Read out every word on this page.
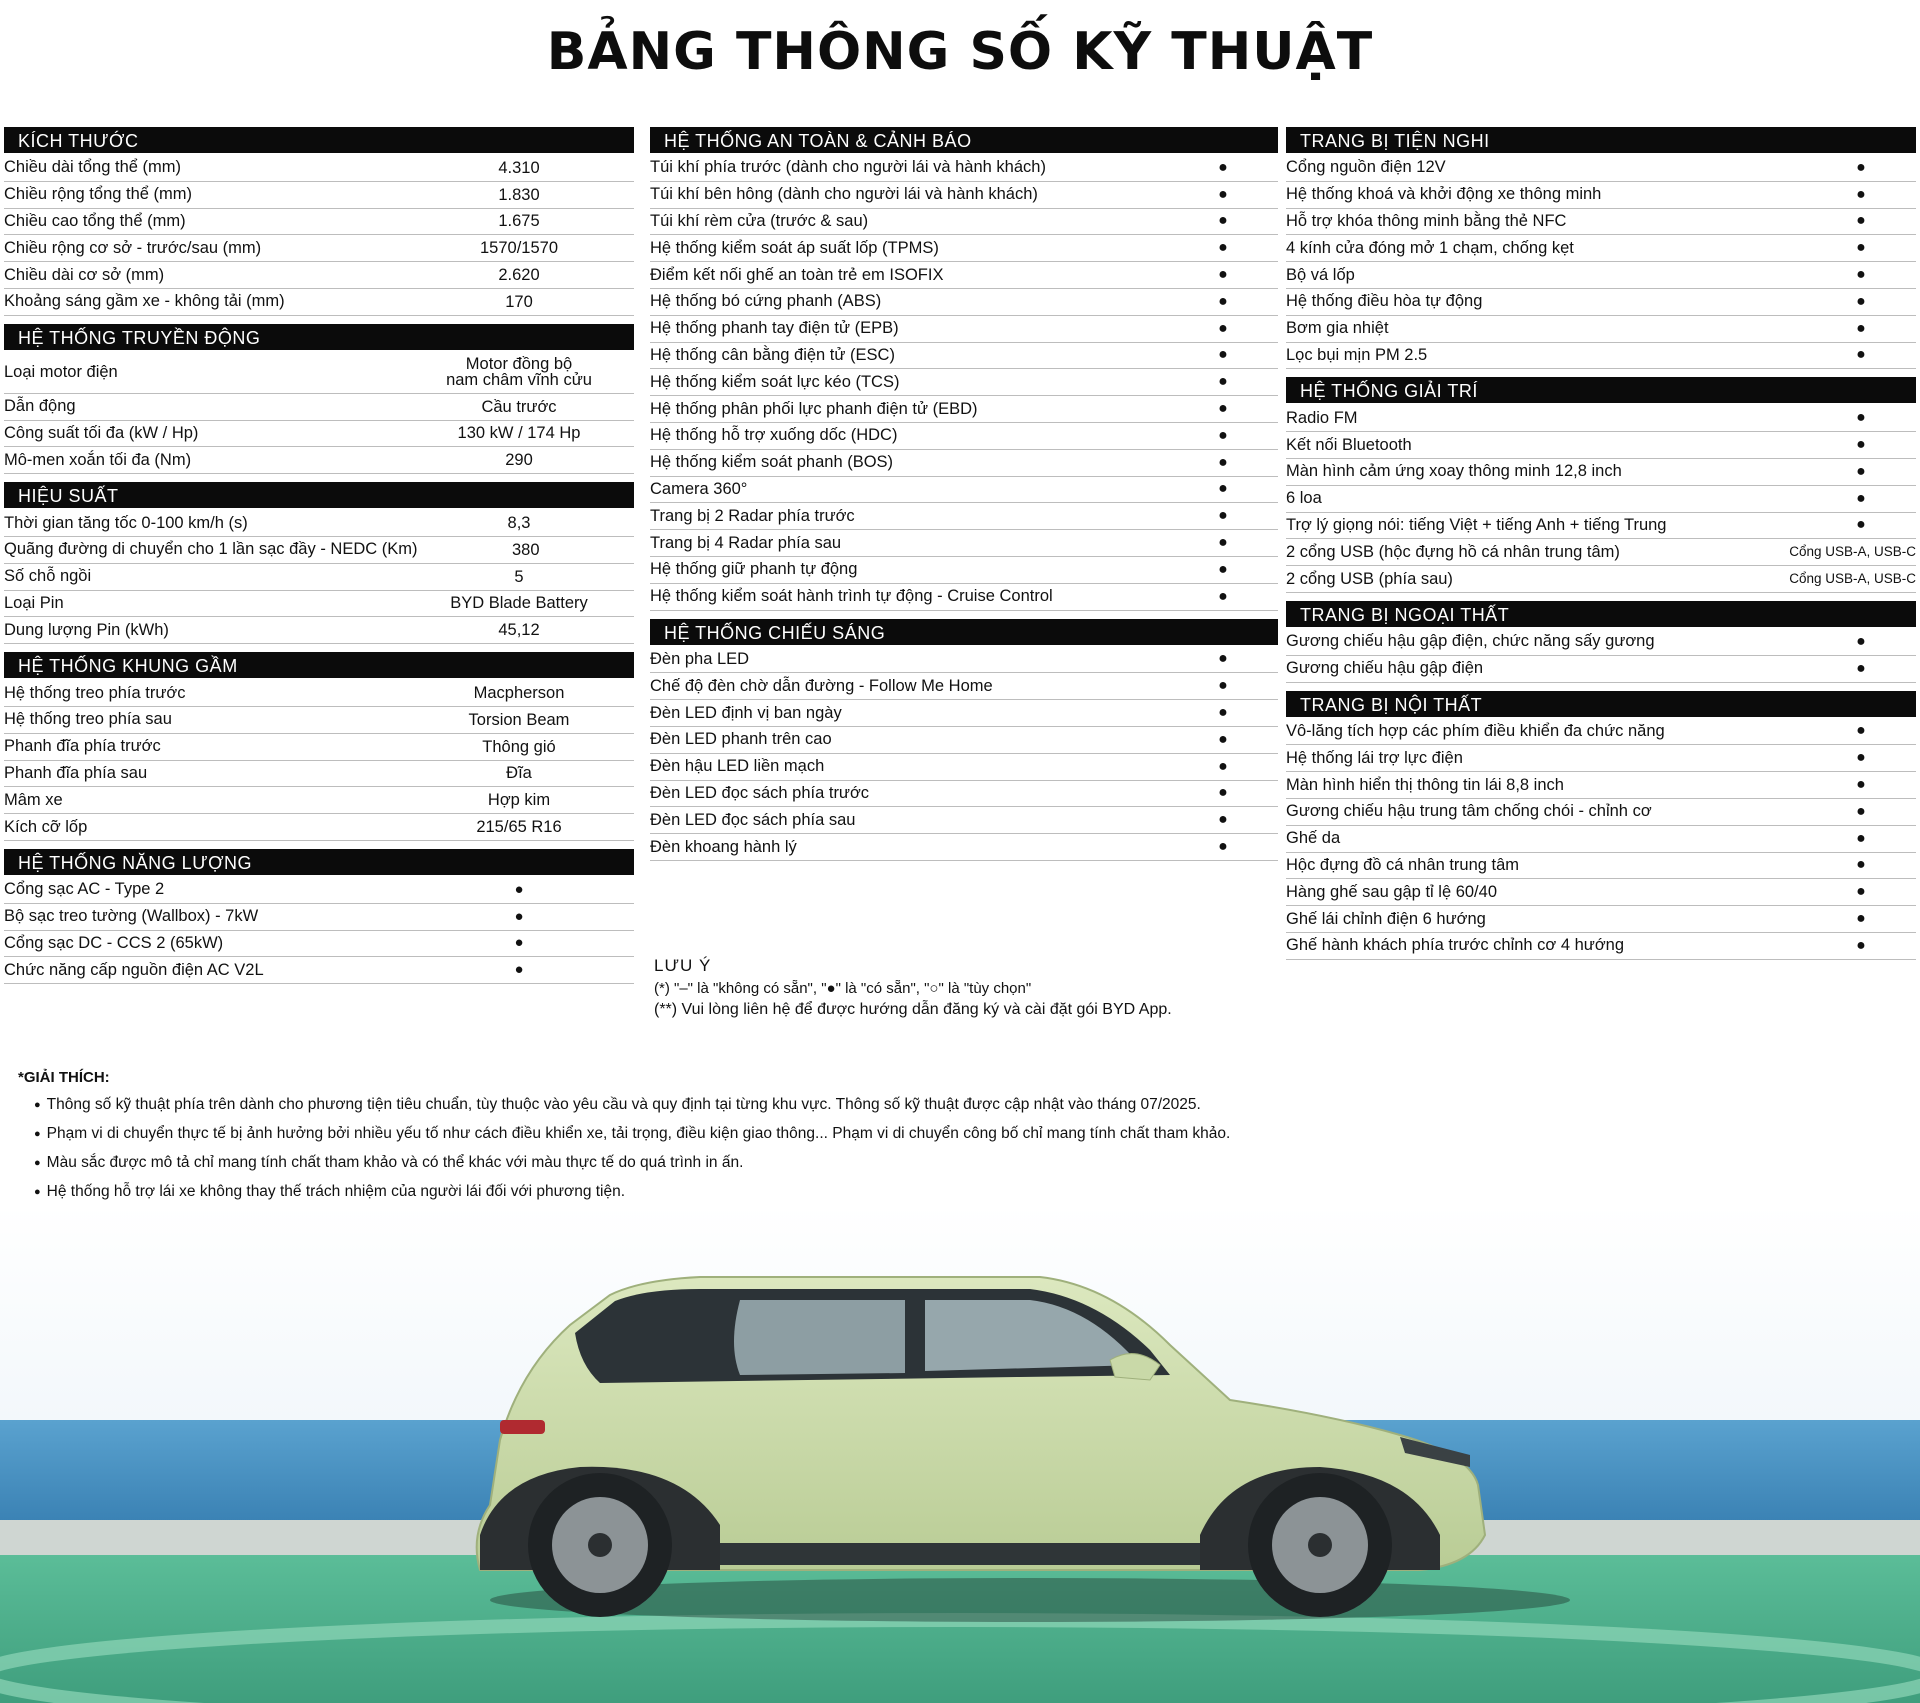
BẢNG THÔNG SỐ KỸ THUẬT
KÍCH THƯỚC
Chiều dài tổng thể (mm)	4.310
Chiều rộng tổng thể (mm)	1.830
Chiều cao tổng thể (mm)	1.675
Chiều rộng cơ sở - trước/sau (mm)	1570/1570
Chiều dài cơ sở (mm)	2.620
Khoảng sáng gầm xe - không tải (mm)	170
HỆ THỐNG TRUYỀN ĐỘNG
Loại motor điện	Motor đồng bộ
nam châm vĩnh cửu
Dẫn động	Cầu trước
Công suất tối đa (kW / Hp)	130 kW / 174 Hp
Mô-men xoắn tối đa (Nm)	290
HIỆU SUẤT
Thời gian tăng tốc 0-100 km/h (s)	8,3
Quãng đường di chuyển cho 1 lần sạc đầy - NEDC (Km)	380
Số chỗ ngồi	5
Loại Pin	BYD Blade Battery
Dung lượng Pin (kWh)	45,12
HỆ THỐNG KHUNG GẦM
Hệ thống treo phía trước	Macpherson
Hệ thống treo phía sau	Torsion Beam
Phanh đĩa phía trước	Thông gió
Phanh đĩa phía sau	Đĩa
Mâm xe	Hợp kim
Kích cỡ lốp	215/65 R16
HỆ THỐNG NĂNG LƯỢNG
Cổng sạc AC - Type 2	●
Bộ sạc treo tường (Wallbox) - 7kW	●
Cổng sạc DC - CCS 2 (65kW)	●
Chức năng cấp nguồn điện AC V2L	●
HỆ THỐNG AN TOÀN & CẢNH BÁO
Túi khí phía trước (dành cho người lái và hành khách)	●
Túi khí bên hông (dành cho người lái và hành khách)	●
Túi khí rèm cửa (trước & sau)	●
Hệ thống kiểm soát áp suất lốp (TPMS)	●
Điểm kết nối ghế an toàn trẻ em ISOFIX	●
Hệ thống bó cứng phanh (ABS)	●
Hệ thống phanh tay điện tử (EPB)	●
Hệ thống cân bằng điện tử (ESC)	●
Hệ thống kiểm soát lực kéo (TCS)	●
Hệ thống phân phối lực phanh điện tử (EBD)	●
Hệ thống hỗ trợ xuống dốc (HDC)	●
Hệ thống kiểm soát phanh (BOS)	●
Camera 360°	●
Trang bị 2 Radar phía trước	●
Trang bị 4 Radar phía sau	●
Hệ thống giữ phanh tự động	●
Hệ thống kiểm soát hành trình tự động - Cruise Control	●
HỆ THỐNG CHIẾU SÁNG
Đèn pha LED	●
Chế độ đèn chờ dẫn đường - Follow Me Home	●
Đèn LED định vị ban ngày	●
Đèn LED phanh trên cao	●
Đèn hậu LED liền mạch	●
Đèn LED đọc sách phía trước	●
Đèn LED đọc sách phía sau	●
Đèn khoang hành lý	●
TRANG BỊ TIỆN NGHI
Cổng nguồn điện 12V	●
Hệ thống khoá và khởi động xe thông minh	●
Hỗ trợ khóa thông minh bằng thẻ NFC	●
4 kính cửa đóng mở 1 chạm, chống kẹt	●
Bộ vá lốp	●
Hệ thống điều hòa tự động	●
Bơm gia nhiệt	●
Lọc bụi mịn PM 2.5	●
HỆ THỐNG GIẢI TRÍ
Radio FM	●
Kết nối Bluetooth	●
Màn hình cảm ứng xoay thông minh 12,8 inch	●
6 loa	●
Trợ lý giọng nói: tiếng Việt + tiếng Anh + tiếng Trung	●
2 cổng USB (hộc đựng hồ cá nhân trung tâm)	Cổng USB-A, USB-C
2 cổng USB (phía sau)	Cổng USB-A, USB-C
TRANG BỊ NGOẠI THẤT
Gương chiếu hậu gập điện, chức năng sấy gương	●
Gương chiếu hậu gập điện	●
TRANG BỊ NỘI THẤT
Vô-lăng tích hợp các phím điều khiển đa chức năng	●
Hệ thống lái trợ lực điện	●
Màn hình hiển thị thông tin lái 8,8 inch	●
Gương chiếu hậu trung tâm chống chói - chỉnh cơ	●
Ghế da	●
Hộc đựng đồ cá nhân trung tâm	●
Hàng ghế sau gập tỉ lệ 60/40	●
Ghế lái chỉnh điện 6 hướng	●
Ghế hành khách phía trước chỉnh cơ 4 hướng	●
LƯU Ý
(*) "–" là "không có sẵn", "●" là "có sẵn", "○" là "tùy chọn"
(**) Vui lòng liên hệ để được hướng dẫn đăng ký và cài đặt gói BYD App.
*GIẢI THÍCH:
● Thông số kỹ thuật phía trên dành cho phương tiện tiêu chuẩn, tùy thuộc vào yêu cầu và quy định tại từng khu vực. Thông số kỹ thuật được cập nhật vào tháng 07/2025.
● Phạm vi di chuyển thực tế bị ảnh hưởng bởi nhiều yếu tố như cách điều khiển xe, tải trọng, điều kiện giao thông... Phạm vi di chuyển công bố chỉ mang tính chất tham khảo.
● Màu sắc được mô tả chỉ mang tính chất tham khảo và có thể khác với màu thực tế do quá trình in ấn.
● Hệ thống hỗ trợ lái xe không thay thế trách nhiệm của người lái đối với phương tiện.
●
